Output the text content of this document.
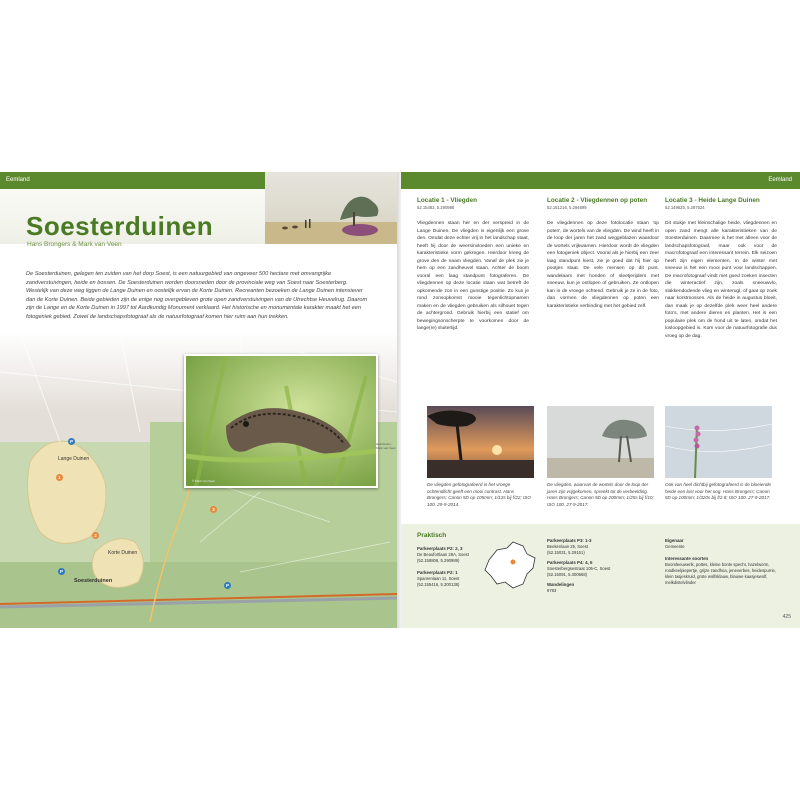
Eemland
Soesterduinen
Hans Brongers & Mark van Veen

De Soesterduinen, gelegen ten zuiden van het dorp Soest, is een natuurgebied van ongeveer 500 hectare met omvangrijke zandverstuivingen, heide en bossen. De Soesterduinen worden doorsneden door de provinciale weg van Soest naar Soesterberg. Westelijk van deze weg liggen de Lange Duinen en oostelijk ervan de Korte Duinen. Recreanten bezoeken de Lange Duinen intensiever dan de Korte Duinen. Beide gebieden zijn de enige nog overgebleven grote open zandverstuivingen van de Utrechtse Heuvelrug. Daarom zijn de Lange en de Korte Duinen in 1997 tot Aardkundig Monument verklaard. Het historische en monumentale karakter maakt het een fotogeniek gebied. Zowel de landschapsfotograaf als de natuurfotograaf komen hier ruim aan hun trekken.

Lange Duinen
Korte Duinen
Soesterduinen
1
2
3
P
P
P
© Mark van Veen
Hazelworm, Mark van Veen
Eemland
Locatie 1 - Vliegden
52.15483, 5.290988

Vliegdennen staan her en der verspreid in de Lange Duinen. De vliegden is eigenlijk een grove den. Omdat deze echter vrij in het landschap staat, heeft hij door de weersinvloeden een unieke en karakteristieke vorm gekregen. Hierdoor kreeg de grove den de naam vliegden. Vanaf de plek zie je hem op een zandheuvel staan. Achter de boom vooral een laag standpunt fotograferen. De vliegdennen op deze locatie staan wat betreft de opkomende zon in een gunstige positie. Zo kun je rond zonsopkomst mooie tegenlichtopnamen maken en de vliegden gebruiken als silhouet tegen de achtergrond. Gebruik hierbij een statief om bewegingsonscherpte te voorkomen door de lange(re) sluitertijd.

Locatie 2 - Vliegdennen op poten
52.151216, 5.294699

De vliegdennen op deze fotolocatie staan 'op poten', de wortels van de vliegden. De wind heeft in de loop der jaren het zand weggeblazen waardoor de wortels vrijkwamen. Hierdoor wordt de vliegden een fotogeniek object. Vooral als je hierbij een zeer laag standpunt kiest, zie je goed dat hij hier op pootjes staat. De vele mensen op dit punt, wandelaars met honden of sleetjerijders met sneeuw, kun je ontlopen of gebruiken. Ze ontlopen kan in de vroege ochtend. Gebruik je ze in de foto, dan vormen de vliegdennen op poten een karakteristieke verbinding met het gebied zelf.

Locatie 3 - Heide Lange Duinen
52.149625, 5.287524

Dit stukje met kleinschalige heide, vliegdennen en open zand mengt alle karakteristieken van de Soesterduinen. Daarmee is het met alleen voor de landschapsfotograaf, maar ook voor de macrofotograaf een interessant terrein. Elk seizoen heeft zijn eigen elementen. In de winter met sneeuw is het een mooi punt voor landschappen. De macrofotograaf vindt met goed zoeken insecten die winteractief zijn, zoals sneeuwvlo, slakkendodende vlieg en winterugl, of gaat op zoek naar korstmossen. Als de heide in augustus bloeit, dan maak je op dezelfde plek weer heel andere foto's, met andere dieren en planten. Het is een populaire plek om de hond uit te laten, omdat het losloopgebied is. Kom voor de natuurfotografie dus vroeg op de dag.

De vliegden gefotografeerd in het vroege ochtendlicht geeft een mooi contrast. Hans Brongers; Canon 5D op 105mm; 1/13s bij f/22; ISO 100. 29-9-2014.
De vliegden, waarvan de wortels door de loop der jaren zijn vrijgekomen, spreekt tot de verbeelding. Hans Brongers; Canon 5D op 200mm; 1/25s bij f/10; ISO 100. 27-9-2017.
Ook van heel dichtbij gefotografeerd is de bloeiende heide een lust voor het oog. Hans Brongers; Canon 5D op 100mm; 1/320s bij f/2.8; ISO 100. 27-9-2017.
Praktisch
Parkeerplaats P2: 2, 3
De Beaufortlaan 28A, Soest
(52.158806, 5.290989)
Parkeerplaats P2: 1
Spanrenlaan 11, Soest
(52.155416, 5.300138)
Parkeerplaats P3: 1-3
Beekenlaan 25, Soest
(52.15031, 5.29151)
Parkeerplaats P4: 4, 5
Soesterbergsestraat 105-C, Soest
(52.15091, 5.300668)
Wandelingen
9783
Eigenaar
Gemeente
Interessante soorten
Boomleeuwerik, pottes, kleine bonte specht, hazelworm, roodkeelpiepertje, grijze zandhoa, jeneverbes, heidespurrie, klein tasjeskruid, grote wolfsklauw, blauwe kaasjeswolf, melkdistelvlinder
425
